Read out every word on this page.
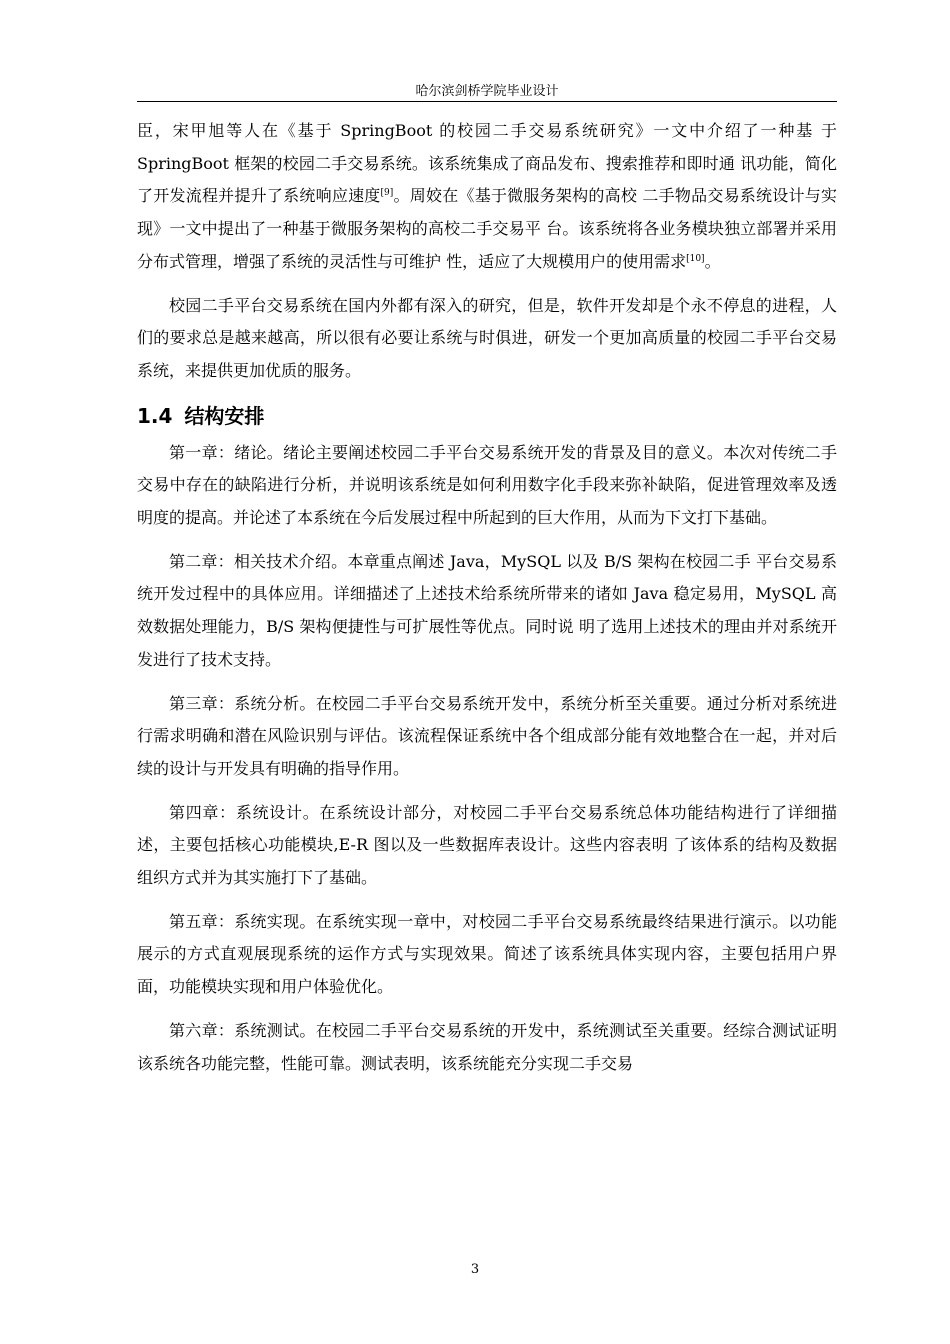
哈尔滨剑桥学院毕业设计

臣，宋甲旭等人在《基于 SpringBoot 的校园二手交易系统研究》一文中介绍了一种基 于 SpringBoot 框架的校园二手交易系统。该系统集成了商品发布、搜索推荐和即时通 讯功能，简化了开发流程并提升了系统响应速度[9]。周姣在《基于微服务架构的高校 二手物品交易系统设计与实现》一文中提出了一种基于微服务架构的高校二手交易平 台。该系统将各业务模块独立部署并采用分布式管理，增强了系统的灵活性与可维护 性，适应了大规模用户的使用需求[10]。

校园二手平台交易系统在国内外都有深入的研究，但是，软件开发却是个永不停息的进程，人们的要求总是越来越高，所以很有必要让系统与时俱进，研发一个更加高质量的校园二手平台交易系统，来提供更加优质的服务。

1.4 结构安排

第一章：绪论。绪论主要阐述校园二手平台交易系统开发的背景及目的意义。本次对传统二手交易中存在的缺陷进行分析，并说明该系统是如何利用数字化手段来弥补缺陷，促进管理效率及透明度的提高。并论述了本系统在今后发展过程中所起到的巨大作用，从而为下文打下基础。

第二章：相关技术介绍。本章重点阐述 Java，MySQL 以及 B/S 架构在校园二手 平台交易系统开发过程中的具体应用。详细描述了上述技术给系统所带来的诸如 Java 稳定易用，MySQL 高效数据处理能力，B/S 架构便捷性与可扩展性等优点。同时说 明了选用上述技术的理由并对系统开发进行了技术支持。

第三章：系统分析。在校园二手平台交易系统开发中，系统分析至关重要。通过分析对系统进行需求明确和潜在风险识别与评估。该流程保证系统中各个组成部分能有效地整合在一起，并对后续的设计与开发具有明确的指导作用。

第四章：系统设计。在系统设计部分，对校园二手平台交易系统总体功能结构进行了详细描述，主要包括核心功能模块,E-R 图以及一些数据库表设计。这些内容表明 了该体系的结构及数据组织方式并为其实施打下了基础。

第五章：系统实现。在系统实现一章中，对校园二手平台交易系统最终结果进行演示。以功能展示的方式直观展现系统的运作方式与实现效果。简述了该系统具体实现内容，主要包括用户界面，功能模块实现和用户体验优化。

第六章：系统测试。在校园二手平台交易系统的开发中，系统测试至关重要。经综合测试证明该系统各功能完整，性能可靠。测试表明，该系统能充分实现二手交易

3
